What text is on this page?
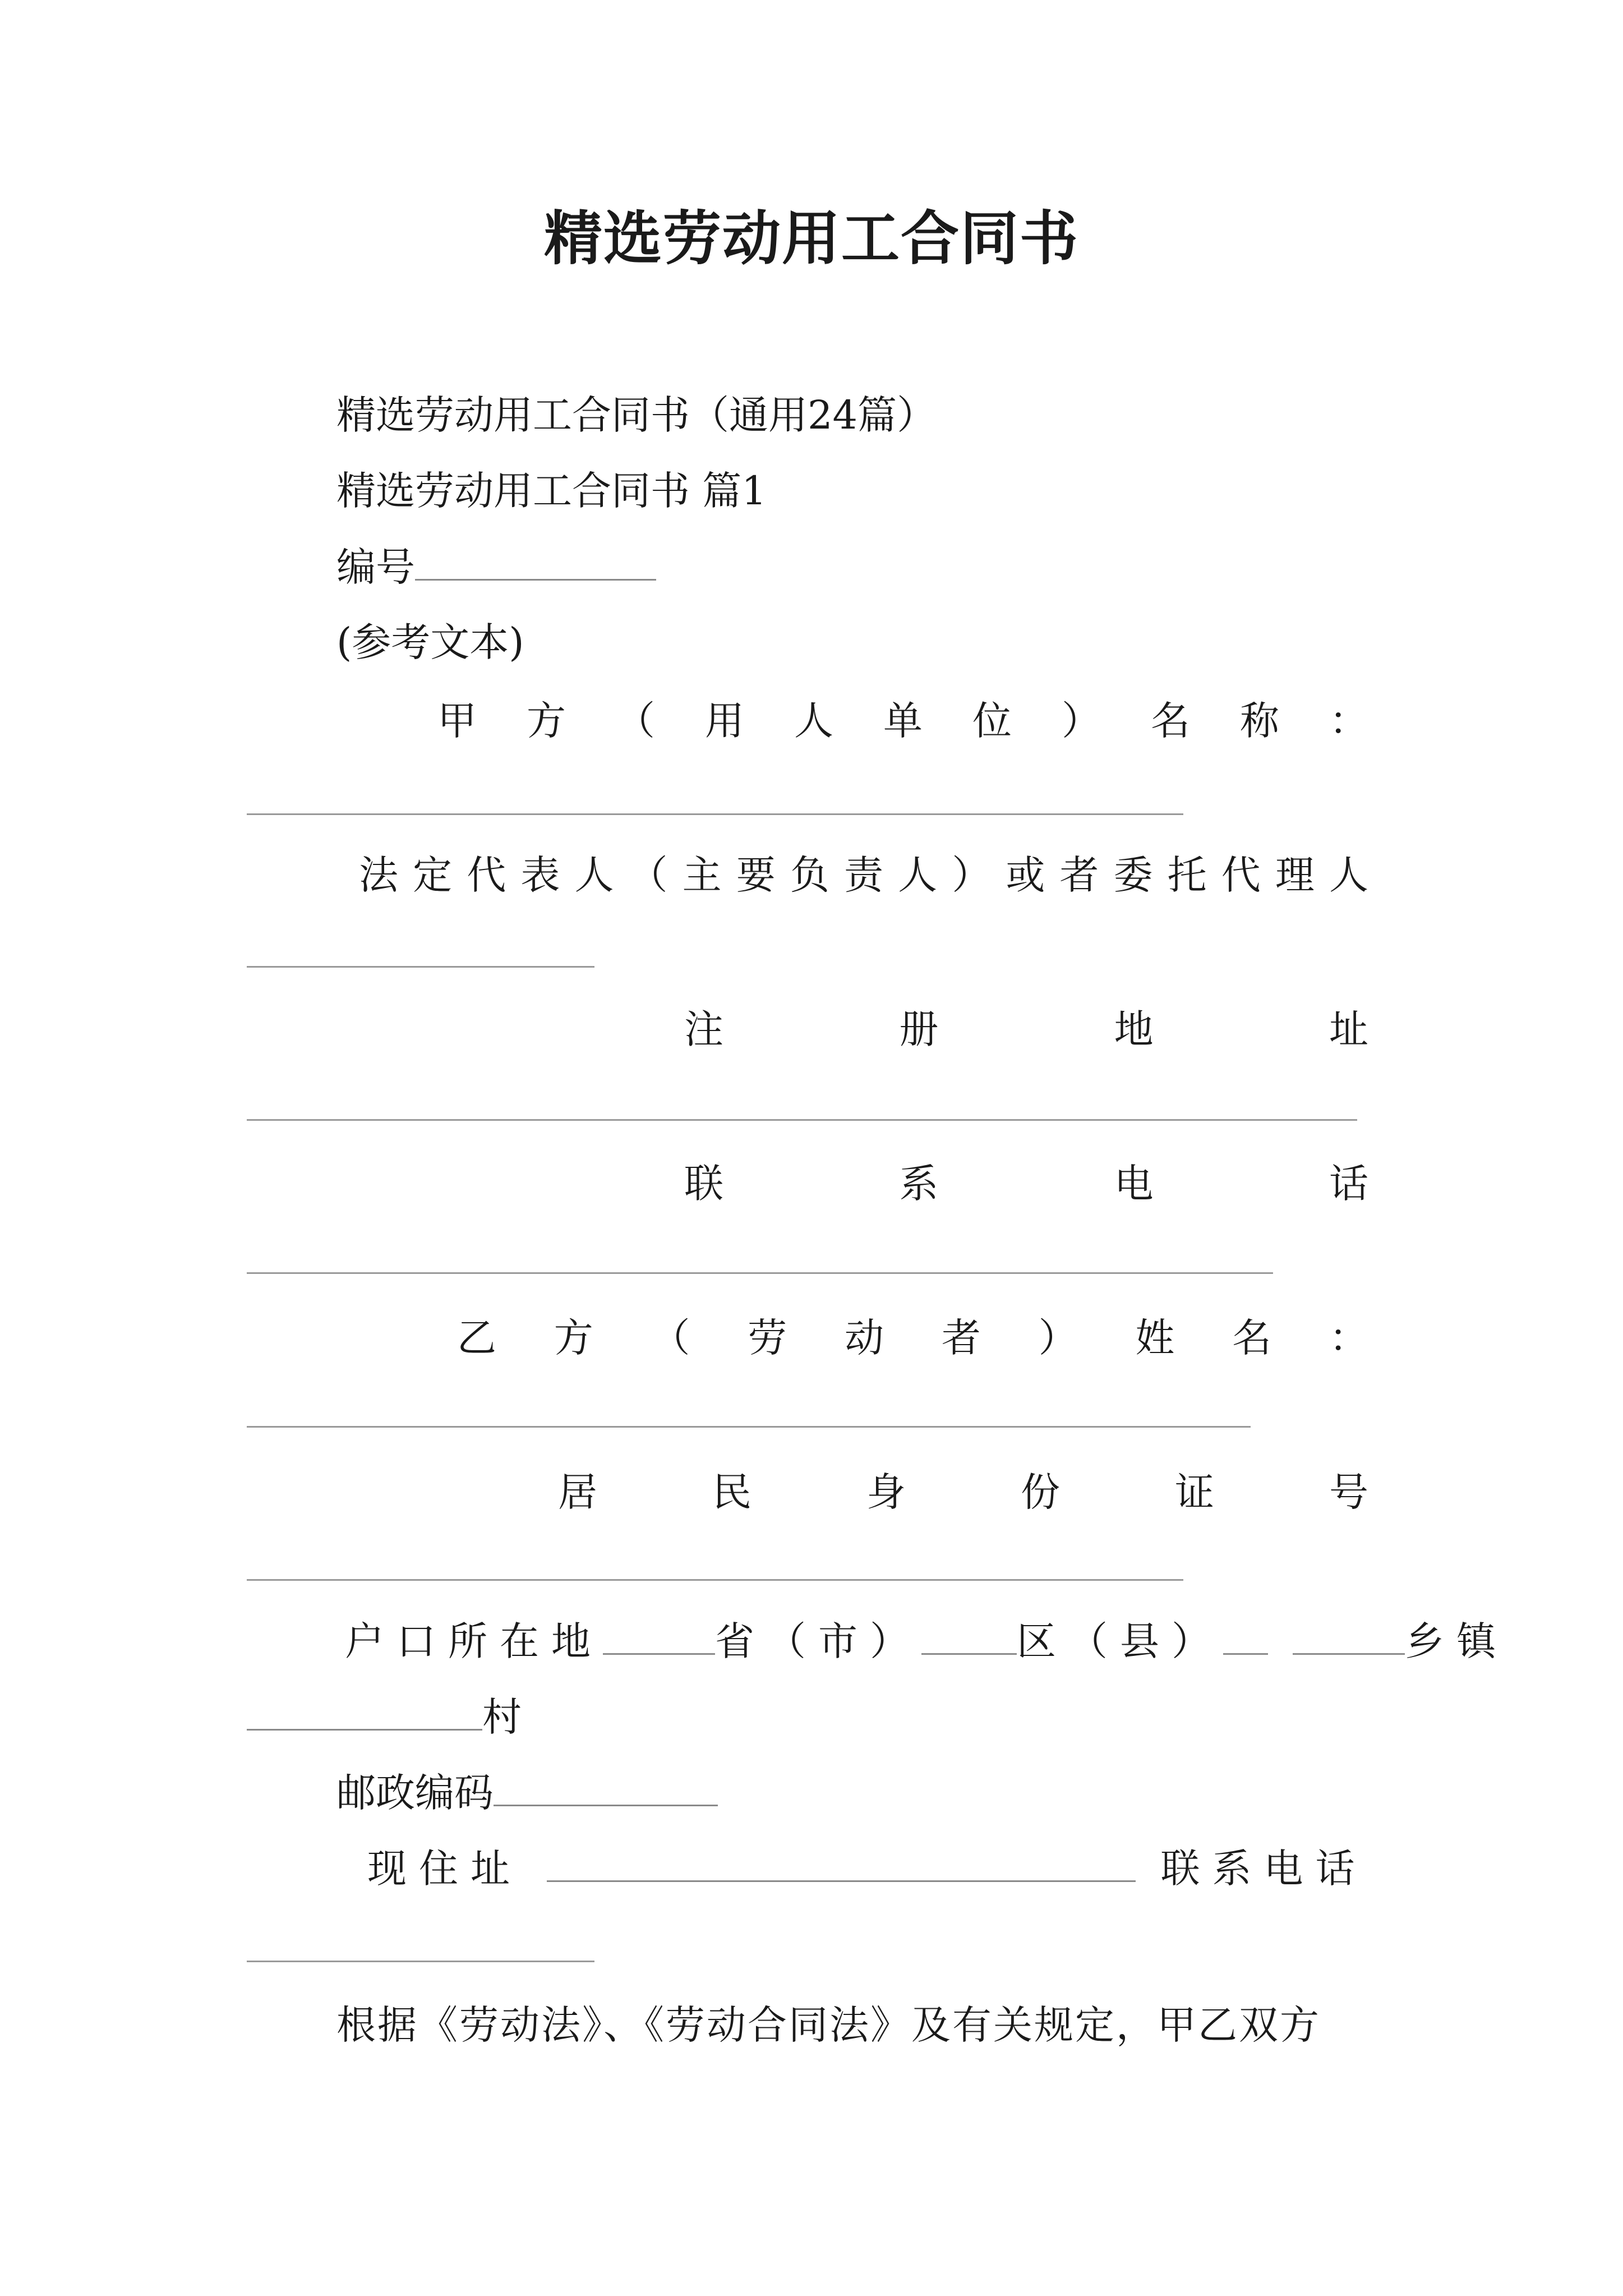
精选劳动用工合同书
精选劳动用工合同书（通用24篇）
精选劳动用工合同书 篇1
编号
(参考文本)
甲 方 （ 用 人 单 位 ） 名 称 ：
法 定 代 表 人 （ 主 要 负 责 人 ） 或 者 委 托 代 理 人
注	册	地	址
联	系	电	话
乙 方 （ 劳 动 者 ） 姓 名 ：
居	民	身	份	证	号
户口所在地	省（市） 区（县）	乡镇
村
邮政编码
现住址	联系电话
根据《劳动法》、《劳动合同法》及有关规定，甲乙双方
